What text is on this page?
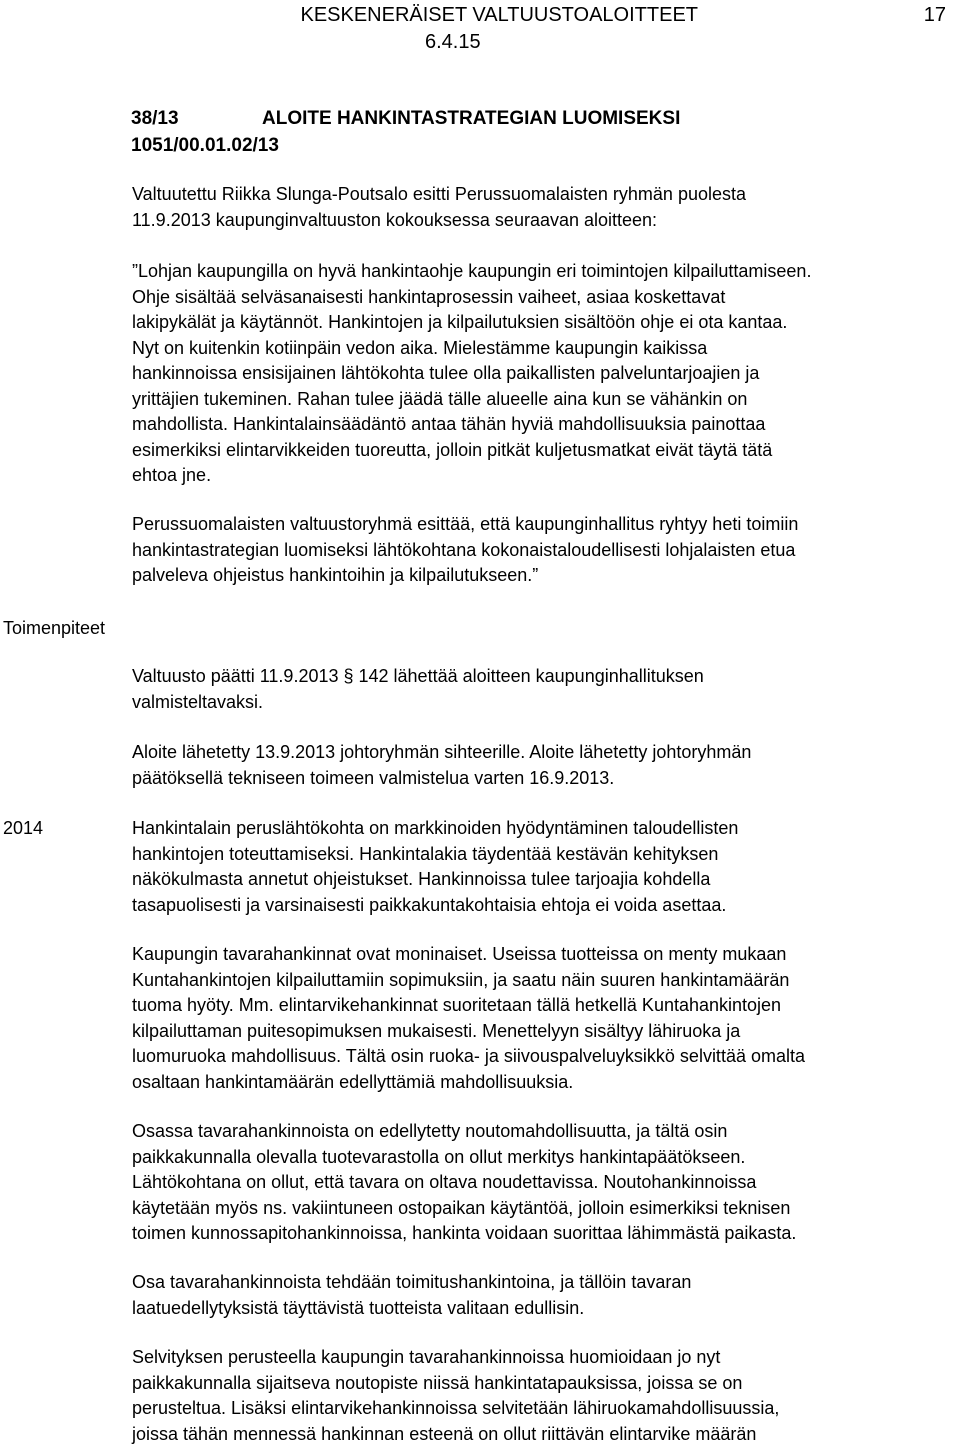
KESKENERÄISET VALTUUSTOALOITTEET	17
6.4.15
38/13	ALOITE HANKINTASTRATEGIAN LUOMISEKSI
1051/00.01.02/13
Valtuutettu Riikka Slunga-Poutsalo esitti Perussuomalaisten ryhmän puolesta
11.9.2013 kaupunginvaltuuston kokouksessa seuraavan aloitteen:
”Lohjan kaupungilla on hyvä hankintaohje kaupungin eri toimintojen kilpailuttamiseen.
Ohje sisältää selväsanaisesti hankintaprosessin vaiheet, asiaa koskettavat
lakipykälät ja käytännöt. Hankintojen ja kilpailutuksien sisältöön ohje ei ota kantaa.
Nyt on kuitenkin kotiinpäin vedon aika. Mielestämme kaupungin kaikissa
hankinnoissa ensisijainen lähtökohta tulee olla paikallisten palveluntarjoajien ja
yrittäjien tukeminen. Rahan tulee jäädä tälle alueelle aina kun se vähänkin on
mahdollista. Hankintalainsäädäntö antaa tähän hyviä mahdollisuuksia painottaa
esimerkiksi elintarvikkeiden tuoreutta, jolloin pitkät kuljetusmatkat eivät täytä tätä
ehtoa jne.
Perussuomalaisten valtuustoryhmä esittää, että kaupunginhallitus ryhtyy heti toimiin
hankintastrategian luomiseksi lähtökohtana kokonaistaloudellisesti lohjalaisten etua
palveleva ohjeistus hankintoihin ja kilpailutukseen.”
Toimenpiteet
Valtuusto päätti 11.9.2013 § 142 lähettää aloitteen kaupunginhallituksen
valmisteltavaksi.
Aloite lähetetty 13.9.2013 johtoryhmän sihteerille. Aloite lähetetty johtoryhmän
päätöksellä tekniseen toimeen valmistelua varten 16.9.2013.
2014	Hankintalain peruslähtökohta on markkinoiden hyödyntäminen taloudellisten
hankintojen toteuttamiseksi. Hankintalakia täydentää kestävän kehityksen
näkökulmasta annetut ohjeistukset. Hankinnoissa tulee tarjoajia kohdella
tasapuolisesti ja varsinaisesti paikkakuntakohtaisia ehtoja ei voida asettaa.
Kaupungin tavarahankinnat ovat moninaiset. Useissa tuotteissa on menty mukaan
Kuntahankintojen kilpailuttamiin sopimuksiin, ja saatu näin suuren hankintamäärän
tuoma hyöty. Mm. elintarvikehankinnat suoritetaan tällä hetkellä Kuntahankintojen
kilpailuttaman puitesopimuksen mukaisesti. Menettelyyn sisältyy lähiruoka ja
luomuruoka mahdollisuus. Tältä osin ruoka- ja siivouspalveluyksikkö selvittää omalta
osaltaan hankintamäärän edellyttämiä mahdollisuuksia.
Osassa tavarahankinnoista on edellytetty noutomahdollisuutta, ja tältä osin
paikkakunnalla olevalla tuotevarastolla on ollut merkitys hankintapäätökseen.
Lähtökohtana on ollut, että tavara on oltava noudettavissa. Noutohankinnoissa
käytetään myös ns. vakiintuneen ostopaikan käytäntöä, jolloin esimerkiksi teknisen
toimen kunnossapitohankinnoissa, hankinta voidaan suorittaa lähimmästä paikasta.
Osa tavarahankinnoista tehdään toimitushankintoina, ja tällöin tavaran
laatuedellytyksistä täyttävistä tuotteista valitaan edullisin.
Selvityksen perusteella kaupungin tavarahankinnoissa huomioidaan jo nyt
paikkakunnalla sijaitseva noutopiste niissä hankintatapauksissa, joissa se on
perusteltua. Lisäksi elintarvikehankinnoissa selvitetään lähiruokamahdollisuussia,
joissa tähän mennessä hankinnan esteenä on ollut riittävän elintarvike määrän
